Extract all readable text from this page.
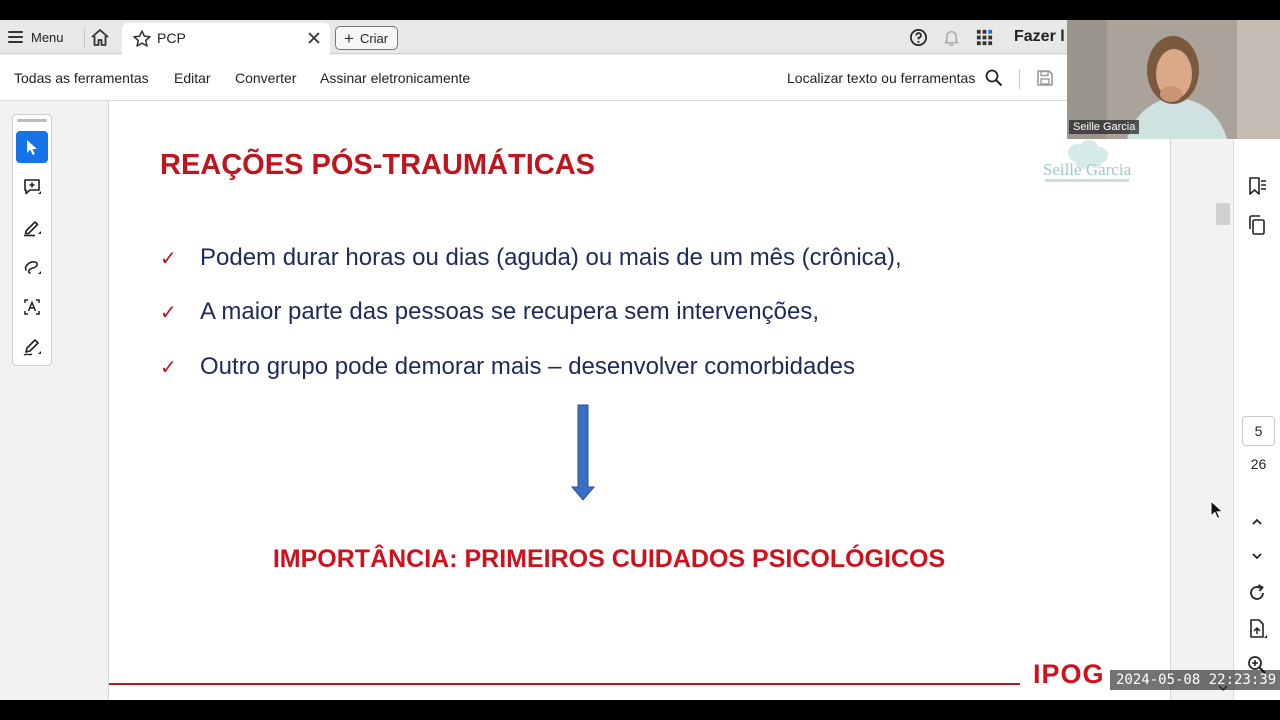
Menu	PCP	+ Criar	Fazer l
Todas as ferramentas Editar Converter Assinar eletronicamente	Localizar texto ou ferramentas
REAÇÕES PÓS-TRAUMÁTICAS	Seille Garcia
✓ Podem durar horas ou dias (aguda) ou mais de um mês (crônica),
✓ A maior parte das pessoas se recupera sem intervenções,
✓ Outro grupo pode demorar mais – desenvolver comorbidades
IMPORTÂNCIA: PRIMEIROS CUIDADOS PSICOLÓGICOS
IPOG
5
26
Seille Garcia
2024-05-08 22:23:39
